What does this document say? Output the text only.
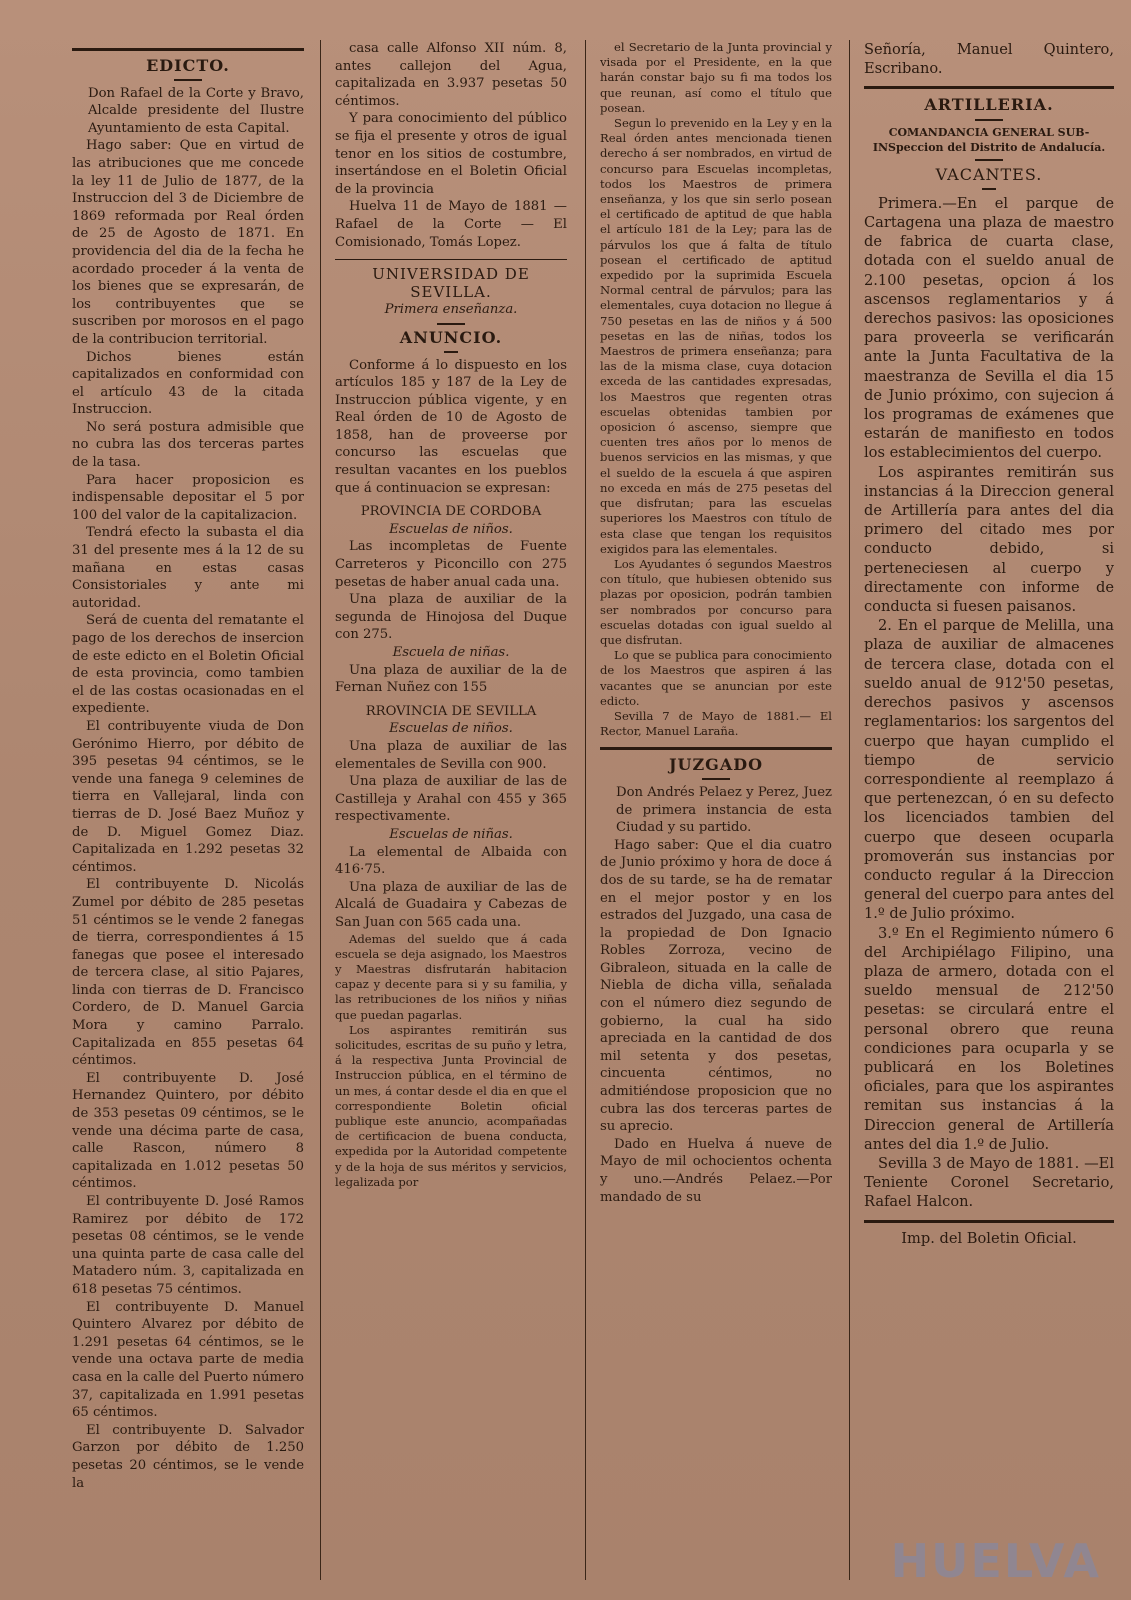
EDICTO.

Don Rafael de la Corte y Bravo, Alcalde presidente del Ilustre Ayuntamiento de esta Capital.

Hago saber: Que en virtud de las atribuciones que me concede la ley 11 de Julio de 1877, de la Instruccion del 3 de Diciembre de 1869 reformada por Real órden de 25 de Agosto de 1871. En providencia del dia de la fecha he acordado proceder á la venta de los bienes que se expresarán, de los contribuyentes que se suscriben por morosos en el pago de la contribucion territorial.

Dichos bienes están capitalizados en conformidad con el artículo 43 de la citada Instruccion.

No será postura admisible que no cubra las dos terceras partes de la tasa.

Para hacer proposicion es indispensable depositar el 5 por 100 del valor de la capitalizacion.

Tendrá efecto la subasta el dia 31 del presente mes á la 12 de su mañana en estas casas Consistoriales y ante mi autoridad.

Será de cuenta del rematante el pago de los derechos de insercion de este edicto en el Boletin Oficial de esta provincia, como tambien el de las costas ocasionadas en el expediente.

El contribuyente viuda de Don Gerónimo Hierro, por débito de 395 pesetas 94 céntimos, se le vende una fanega 9 celemines de tierra en Vallejaral, linda con tierras de D. José Baez Muñoz y de D. Miguel Gomez Diaz. Capitalizada en 1.292 pesetas 32 céntimos.

El contribuyente D. Nicolás Zumel por débito de 285 pesetas 51 céntimos se le vende 2 fanegas de tierra, correspondientes á 15 fanegas que posee el interesado de tercera clase, al sitio Pajares, linda con tierras de D. Francisco Cordero, de D. Manuel Garcia Mora y camino Parralo. Capitalizada en 855 pesetas 64 céntimos.

El contribuyente D. José Hernandez Quintero, por débito de 353 pesetas 09 céntimos, se le vende una décima parte de casa, calle Rascon, número 8 capitalizada en 1.012 pesetas 50 céntimos.

El contribuyente D. José Ramos Ramirez por débito de 172 pesetas 08 céntimos, se le vende una quinta parte de casa calle del Matadero núm. 3, capitalizada en 618 pesetas 75 céntimos.

El contribuyente D. Manuel Quintero Alvarez por débito de 1.291 pesetas 64 céntimos, se le vende una octava parte de media casa en la calle del Puerto número 37, capitalizada en 1.991 pesetas 65 céntimos.

El contribuyente D. Salvador Garzon por débito de 1.250 pesetas 20 céntimos, se le vende la

casa calle Alfonso XII núm. 8, antes callejon del Agua, capitalizada en 3.937 pesetas 50 céntimos.

Y para conocimiento del público se fija el presente y otros de igual tenor en los sitios de costumbre, insertándose en el Boletin Oficial de la provincia

Huelva 11 de Mayo de 1881 — Rafael de la Corte — El Comisionado, Tomás Lopez.

UNIVERSIDAD DE SEVILLA.
Primera enseñanza.
ANUNCIO.

Conforme á lo dispuesto en los artículos 185 y 187 de la Ley de Instruccion pública vigente, y en Real órden de 10 de Agosto de 1858, han de proveerse por concurso las escuelas que resultan vacantes en los pueblos que á continuacion se expresan:

PROVINCIA DE CORDOBA
Escuelas de niños.

Las incompletas de Fuente Carreteros y Piconcillo con 275 pesetas de haber anual cada una.

Una plaza de auxiliar de la segunda de Hinojosa del Duque con 275.

Escuela de niñas.

Una plaza de auxiliar de la de Fernan Nuñez con 155

RROVINCIA DE SEVILLA
Escuelas de niños.

Una plaza de auxiliar de las elementales de Sevilla con 900.

Una plaza de auxiliar de las de Castilleja y Arahal con 455 y 365 respectivamente.

Escuelas de niñas.

La elemental de Albaida con 416·75.

Una plaza de auxiliar de las de Alcalá de Guadaira y Cabezas de San Juan con 565 cada una.

Ademas del sueldo que á cada escuela se deja asignado, los Maestros y Maestras disfrutarán habitacion capaz y decente para si y su familia, y las retribuciones de los niños y niñas que puedan pagarlas.

Los aspirantes remitirán sus solicitudes, escritas de su puño y letra, á la respectiva Junta Provincial de Instruccion pública, en el término de un mes, á contar desde el dia en que el correspondiente Boletin oficial publique este anuncio, acompañadas de certificacion de buena conducta, expedida por la Autoridad competente y de la hoja de sus méritos y servicios, legalizada por

el Secretario de la Junta provincial y visada por el Presidente, en la que harán constar bajo su fi ma todos los que reunan, así como el título que posean.

Segun lo prevenido en la Ley y en la Real órden antes mencionada tienen derecho á ser nombrados, en virtud de concurso para Escuelas incompletas, todos los Maestros de primera enseñanza, y los que sin serlo posean el certificado de aptitud de que habla el artículo 181 de la Ley; para las de párvulos los que á falta de título posean el certificado de aptitud expedido por la suprimida Escuela Normal central de párvulos; para las elementales, cuya dotacion no llegue á 750 pesetas en las de niños y á 500 pesetas en las de niñas, todos los Maestros de primera enseñanza; para las de la misma clase, cuya dotacion exceda de las cantidades expresadas, los Maestros que regenten otras escuelas obtenidas tambien por oposicion ó ascenso, siempre que cuenten tres años por lo menos de buenos servicios en las mismas, y que el sueldo de la escuela á que aspiren no exceda en más de 275 pesetas del que disfrutan; para las escuelas superiores los Maestros con título de esta clase que tengan los requisitos exigidos para las elementales.

Los Ayudantes ó segundos Maestros con título, que hubiesen obtenido sus plazas por oposicion, podrán tambien ser nombrados por concurso para escuelas dotadas con igual sueldo al que disfrutan.

Lo que se publica para conocimiento de los Maestros que aspiren á las vacantes que se anuncian por este edicto.

Sevilla 7 de Mayo de 1881.— El Rector, Manuel Laraña.

JUZGADO

Don Andrés Pelaez y Perez, Juez de primera instancia de esta Ciudad y su partido.

Hago saber: Que el dia cuatro de Junio próximo y hora de doce á dos de su tarde, se ha de rematar en el mejor postor y en los estrados del Juzgado, una casa de la propiedad de Don Ignacio Robles Zorroza, vecino de Gibraleon, situada en la calle de Niebla de dicha villa, señalada con el número diez segundo de gobierno, la cual ha sido apreciada en la cantidad de dos mil setenta y dos pesetas, cincuenta céntimos, no admitiéndose proposicion que no cubra las dos terceras partes de su aprecio.

Dado en Huelva á nueve de Mayo de mil ochocientos ochenta y uno.—Andrés Pelaez.—Por mandado de su

Señoría, Manuel Quintero, Escribano.

ARTILLERIA.
COMANDANCIA GENERAL SUB-INSpeccion del Distrito de Andalucía.
VACANTES.

Primera.—En el parque de Cartagena una plaza de maestro de fabrica de cuarta clase, dotada con el sueldo anual de 2.100 pesetas, opcion á los ascensos reglamentarios y á derechos pasivos: las oposiciones para proveerla se verificarán ante la Junta Facultativa de la maestranza de Sevilla el dia 15 de Junio próximo, con sujecion á los programas de exámenes que estarán de manifiesto en todos los establecimientos del cuerpo.

Los aspirantes remitirán sus instancias á la Direccion general de Artillería para antes del dia primero del citado mes por conducto debido, si perteneciesen al cuerpo y directamente con informe de conducta si fuesen paisanos.

2. En el parque de Melilla, una plaza de auxiliar de almacenes de tercera clase, dotada con el sueldo anual de 912'50 pesetas, derechos pasivos y ascensos reglamentarios: los sargentos del cuerpo que hayan cumplido el tiempo de servicio correspondiente al reemplazo á que pertenezcan, ó en su defecto los licenciados tambien del cuerpo que deseen ocuparla promoverán sus instancias por conducto regular á la Direccion general del cuerpo para antes del 1.º de Julio próximo.

3.º En el Regimiento número 6 del Archipiélago Filipino, una plaza de armero, dotada con el sueldo mensual de 212'50 pesetas: se circulará entre el personal obrero que reuna condiciones para ocuparla y se publicará en los Boletines oficiales, para que los aspirantes remitan sus instancias á la Direccion general de Artillería antes del dia 1.º de Julio.

Sevilla 3 de Mayo de 1881. —El Teniente Coronel Secretario, Rafael Halcon.

Imp. del Boletin Oficial.
HUELVA
